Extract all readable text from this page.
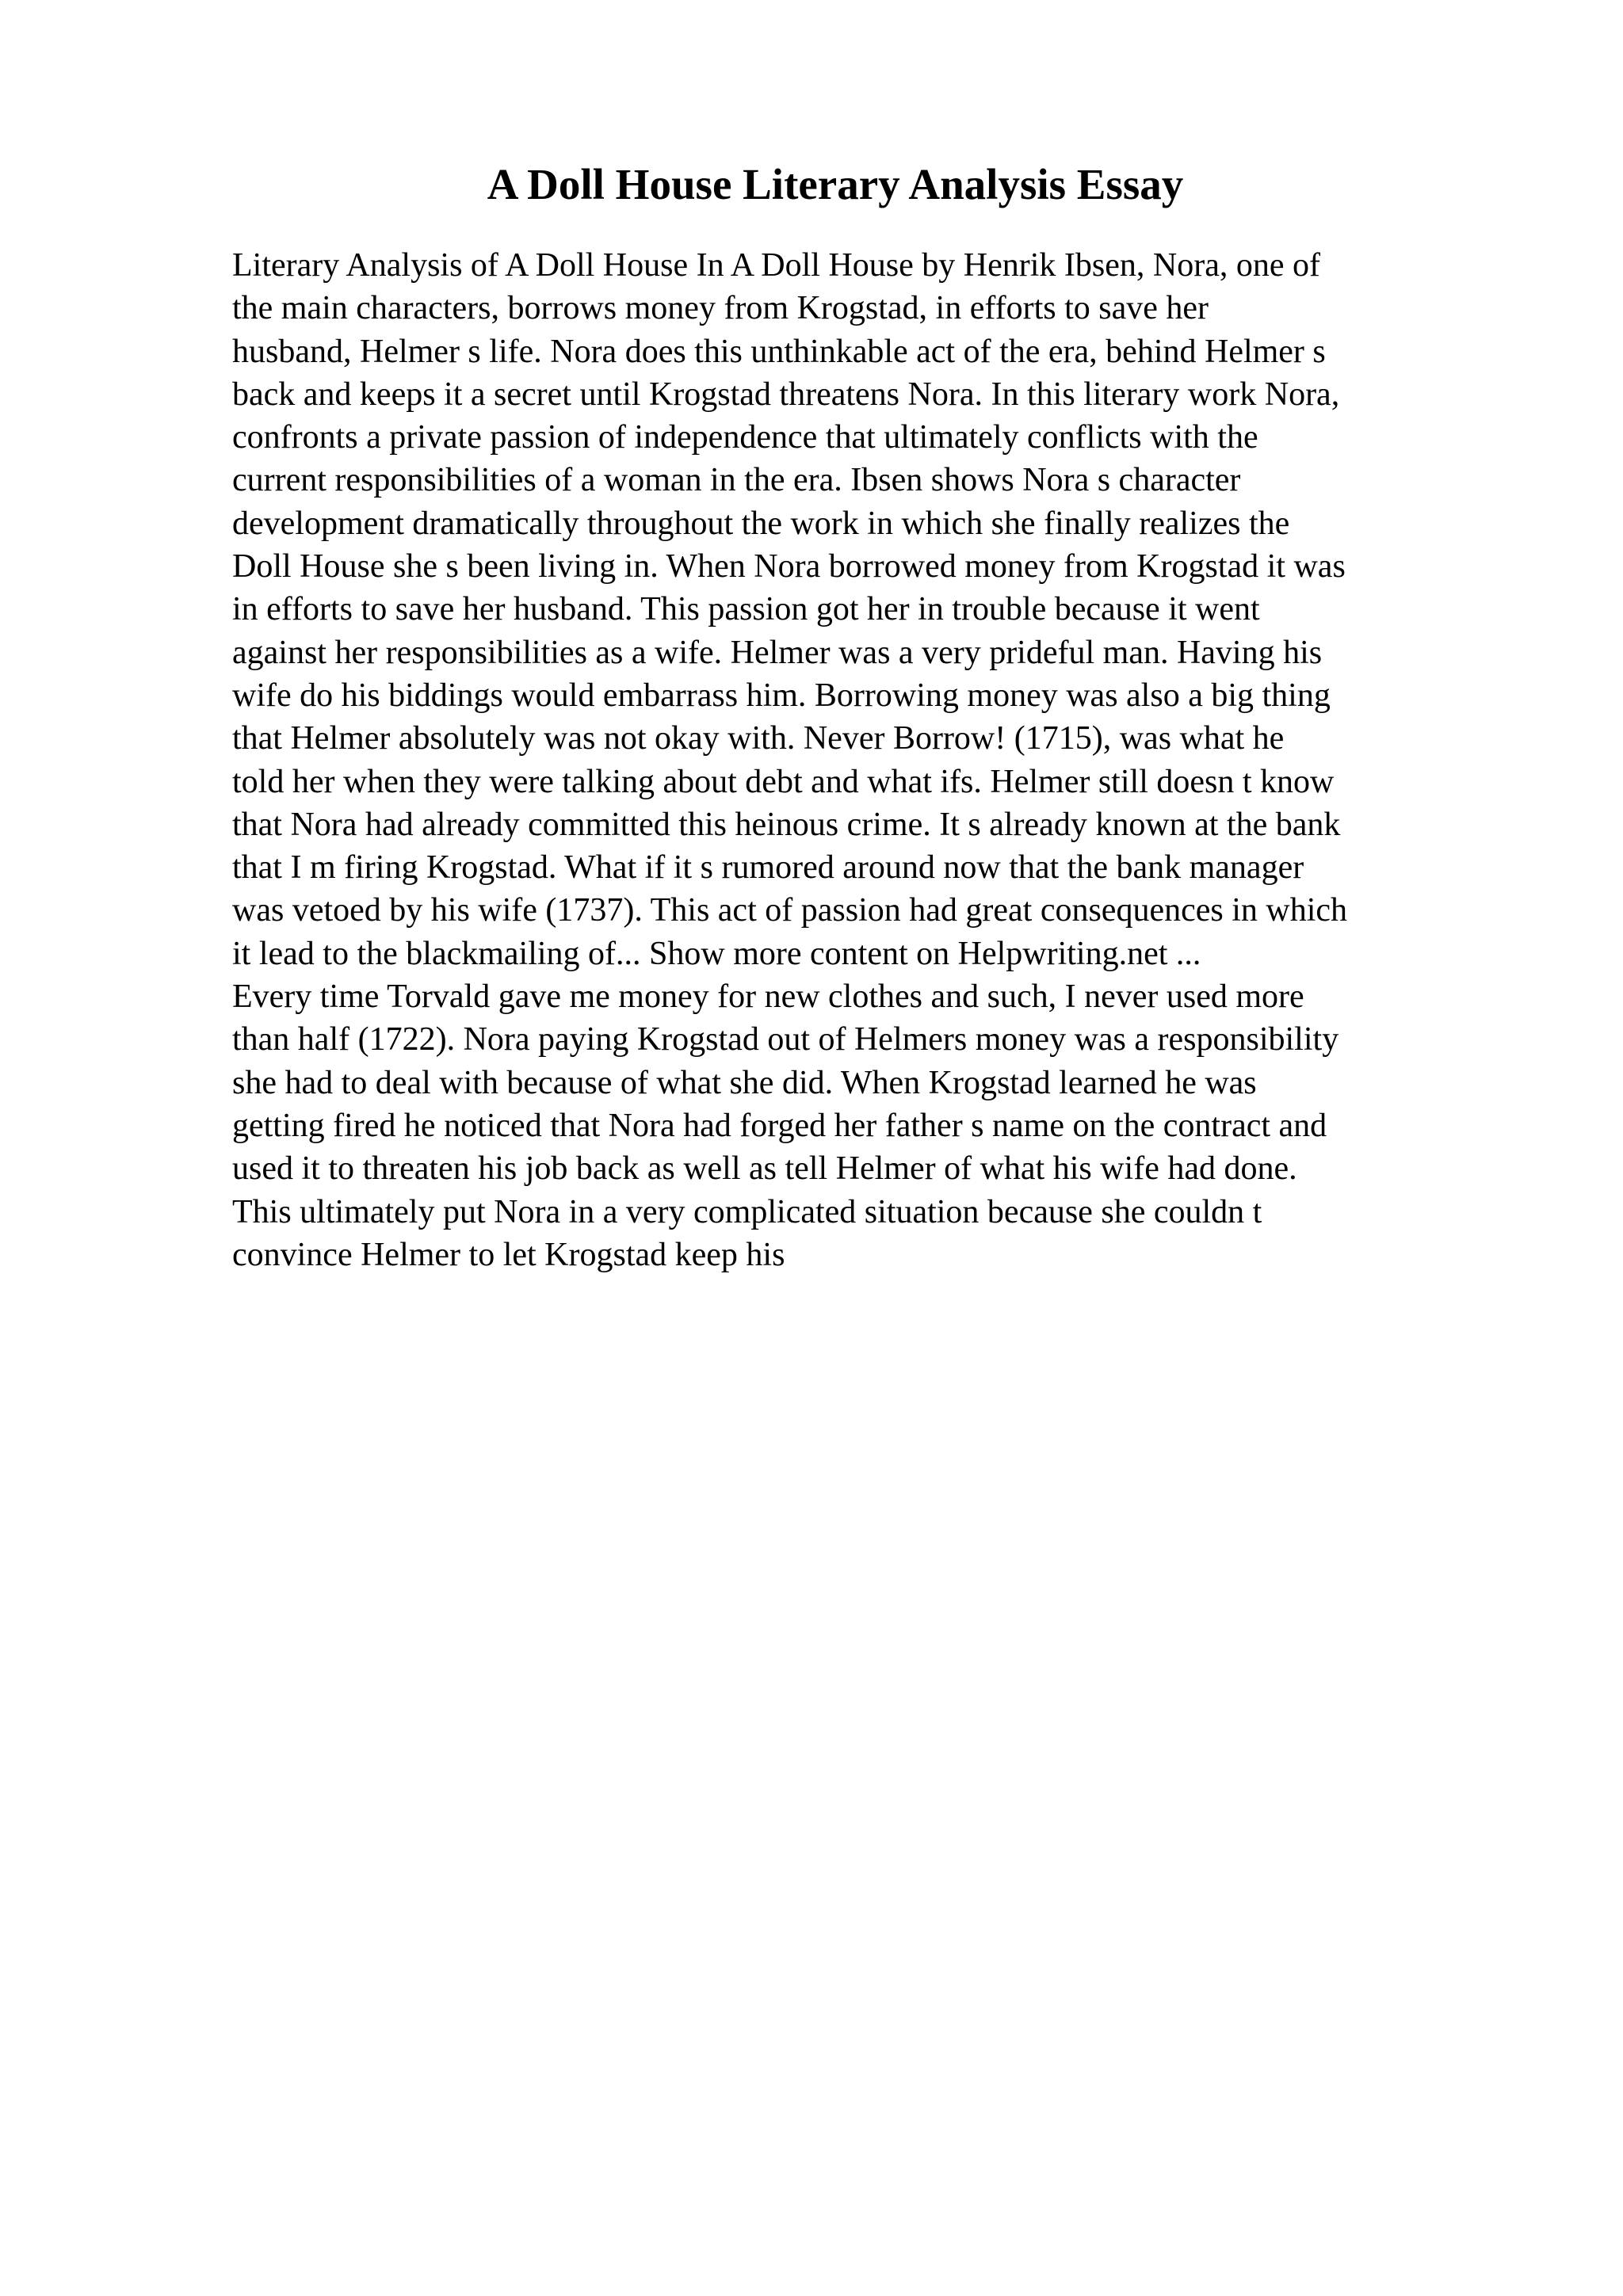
A Doll House Literary Analysis Essay
Literary Analysis of A Doll House In A Doll House by Henrik Ibsen, Nora, one of
the main characters, borrows money from Krogstad, in efforts to save her
husband, Helmer s life. Nora does this unthinkable act of the era, behind Helmer s
back and keeps it a secret until Krogstad threatens Nora. In this literary work Nora,
confronts a private passion of independence that ultimately conflicts with the
current responsibilities of a woman in the era. Ibsen shows Nora s character
development dramatically throughout the work in which she finally realizes the
Doll House she s been living in. When Nora borrowed money from Krogstad it was
in efforts to save her husband. This passion got her in trouble because it went
against her responsibilities as a wife. Helmer was a very prideful man. Having his
wife do his biddings would embarrass him. Borrowing money was also a big thing
that Helmer absolutely was not okay with. Never Borrow! (1715), was what he
told her when they were talking about debt and what ifs. Helmer still doesn t know
that Nora had already committed this heinous crime. It s already known at the bank
that I m firing Krogstad. What if it s rumored around now that the bank manager
was vetoed by his wife (1737). This act of passion had great consequences in which
it lead to the blackmailing of... Show more content on Helpwriting.net ...
Every time Torvald gave me money for new clothes and such, I never used more
than half (1722). Nora paying Krogstad out of Helmers money was a responsibility
she had to deal with because of what she did. When Krogstad learned he was
getting fired he noticed that Nora had forged her father s name on the contract and
used it to threaten his job back as well as tell Helmer of what his wife had done.
This ultimately put Nora in a very complicated situation because she couldn t
convince Helmer to let Krogstad keep his
